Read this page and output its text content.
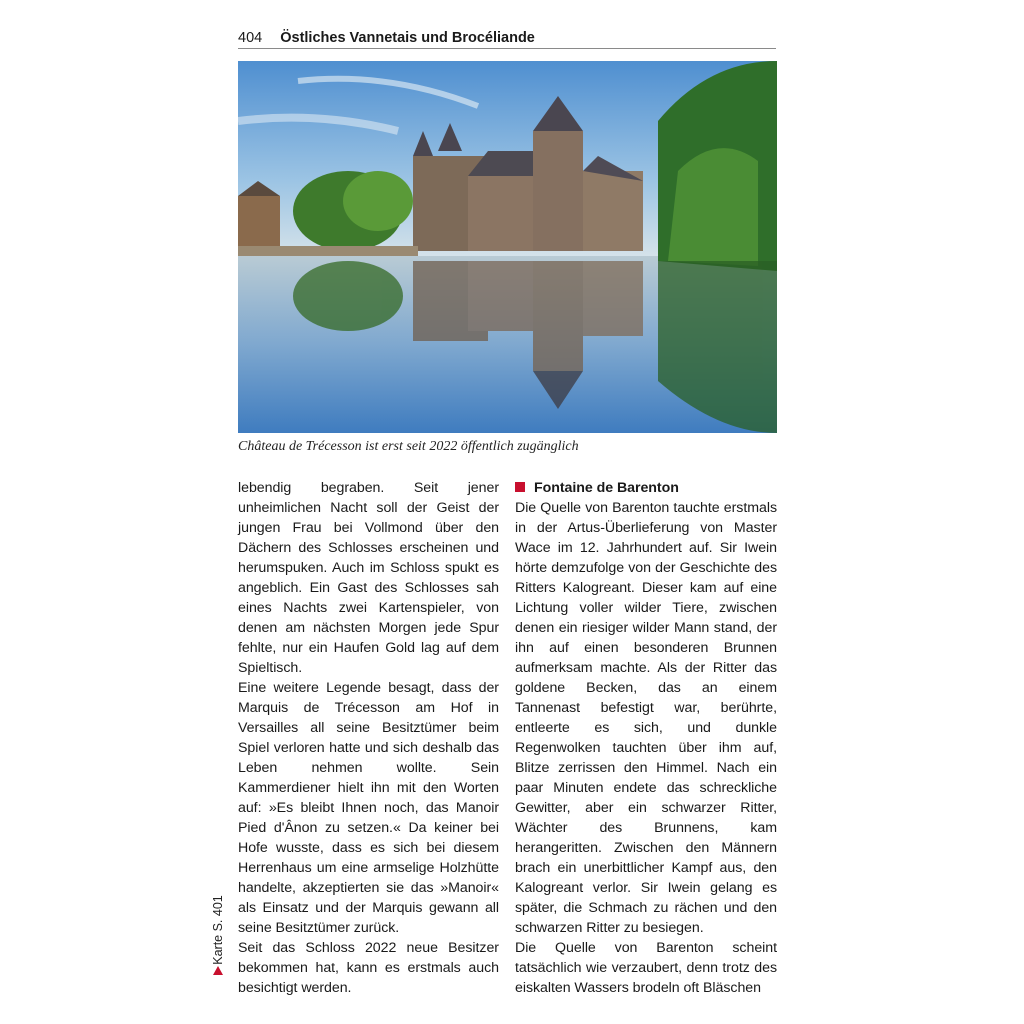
404 Östliches Vannetais und Brocéliande
Château de Trécesson ist erst seit 2022 öffentlich zugänglich

lebendig begraben. Seit jener unheimlichen Nacht soll der Geist der jungen Frau bei Vollmond über den Dächern des Schlosses erscheinen und herumspuken. Auch im Schloss spukt es angeblich. Ein Gast des Schlosses sah eines Nachts zwei Kartenspieler, von denen am nächsten Morgen jede Spur fehlte, nur ein Haufen Gold lag auf dem Spieltisch.

Eine weitere Legende besagt, dass der Marquis de Trécesson am Hof in Versailles all seine Besitztümer beim Spiel verloren hatte und sich deshalb das Leben nehmen wollte. Sein Kammerdiener hielt ihn mit den Worten auf: »Es bleibt Ihnen noch, das Manoir Pied d'Ânon zu setzen.« Da keiner bei Hofe wusste, dass es sich bei diesem Herrenhaus um eine armselige Holzhütte handelte, akzeptierten sie das »Manoir« als Einsatz und der Marquis gewann all seine Besitztümer zurück.

Seit das Schloss 2022 neue Besitzer bekommen hat, kann es erstmals auch besichtigt werden.

Fontaine de Barenton

Die Quelle von Barenton tauchte erstmals in der Artus-Überlieferung von Master Wace im 12. Jahrhundert auf. Sir Iwein hörte demzufolge von der Geschichte des Ritters Kalogreant. Dieser kam auf eine Lichtung voller wilder Tiere, zwischen denen ein riesiger wilder Mann stand, der ihn auf einen besonderen Brunnen aufmerksam machte. Als der Ritter das goldene Becken, das an einem Tannenast befestigt war, berührte, entleerte es sich, und dunkle Regenwolken tauchten über ihm auf, Blitze zerrissen den Himmel. Nach ein paar Minuten endete das schreckliche Gewitter, aber ein schwarzer Ritter, Wächter des Brunnens, kam herangeritten. Zwischen den Männern brach ein unerbittlicher Kampf aus, den Kalogreant verlor. Sir Iwein gelang es später, die Schmach zu rächen und den schwarzen Ritter zu besiegen.

Die Quelle von Barenton scheint tatsächlich wie verzaubert, denn trotz des eiskalten Wassers brodeln oft Bläschen

Karte S. 401
